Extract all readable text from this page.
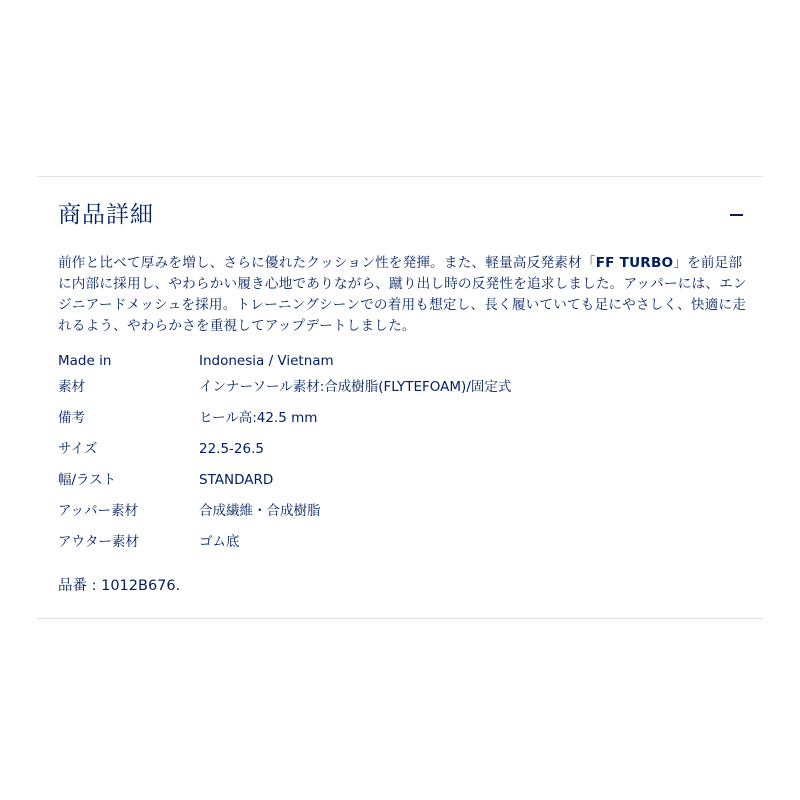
商品詳細

前作と比べて厚みを増し、さらに優れたクッション性を発揮。また、軽量高反発素材「FF TURBO」を前足部に内部に採用し、やわらかい履き心地でありながら、蹴り出し時の反発性を追求しました。アッパーには、エンジニアードメッシュを採用。トレーニングシーンでの着用も想定し、長く履いていても足にやさしく、快適に走れるよう、やわらかさを重視してアップデートしました。

Made in	Indonesia / Vietnam
素材	インナーソール素材:合成樹脂(FLYTEFOAM)/固定式
備考	ヒール高:42.5 mm
サイズ	22.5-26.5
幅/ラスト	STANDARD
アッパー素材	合成繊維・合成樹脂
アウター素材	ゴム底
品番 : 1012B676.
